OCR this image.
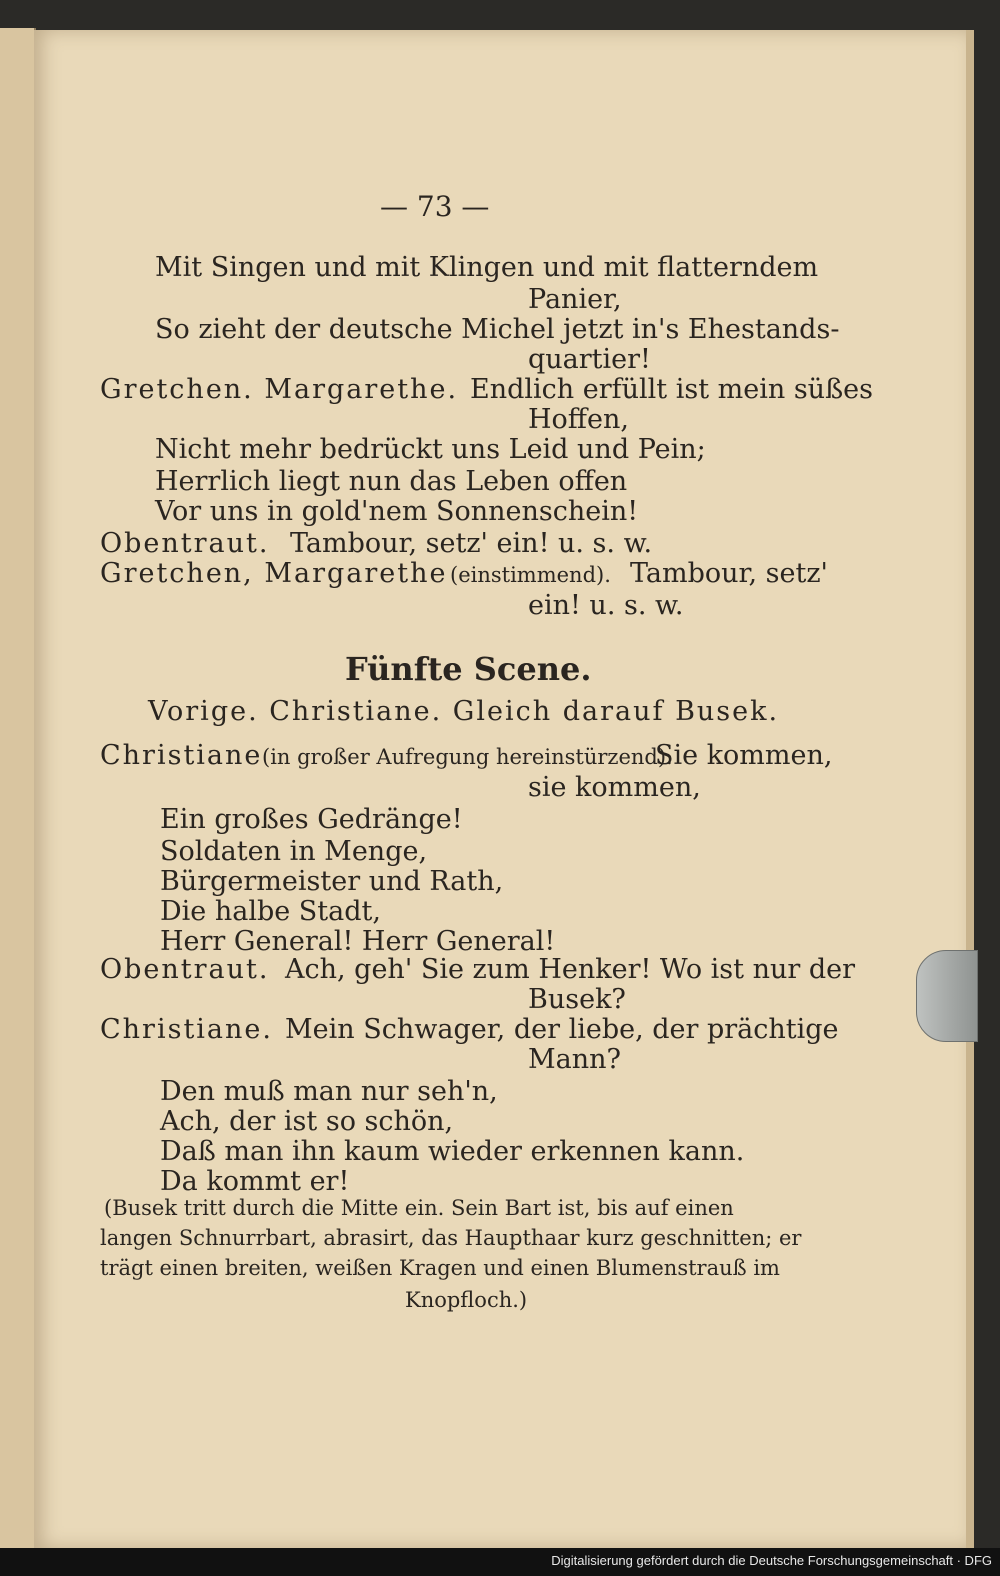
— 73 —
Mit Singen und mit Klingen und mit flatterndem
Panier,
So zieht der deutsche Michel jetzt in's Ehestands-
quartier!
Gretchen. Margarethe. Endlich erfüllt ist mein süßes
Hoffen,
Nicht mehr bedrückt uns Leid und Pein;
Herrlich liegt nun das Leben offen
Vor uns in gold'nem Sonnenschein!
Obentraut. Tambour, setz' ein! u. s. w.
Gretchen, Margarethe (einstimmend). Tambour, setz'
ein! u. s. w.
Fünfte Scene.
Vorige. Christiane. Gleich darauf Busek.
Christiane (in großer Aufregung hereinstürzend).
Sie kommen,
sie kommen,
Ein großes Gedränge!
Soldaten in Menge,
Bürgermeister und Rath,
Die halbe Stadt,
Herr General! Herr General!
Obentraut. Ach, geh' Sie zum Henker! Wo ist nur der
Busek?
Christiane. Mein Schwager, der liebe, der prächtige
Mann?
Den muß man nur seh'n,
Ach, der ist so schön,
Daß man ihn kaum wieder erkennen kann.
Da kommt er!
(Busek tritt durch die Mitte ein. Sein Bart ist, bis auf einen
langen Schnurrbart, abrasirt, das Haupthaar kurz geschnitten; er
trägt einen breiten, weißen Kragen und einen Blumenstrauß im
Knopfloch.)
Digitalisierung gefördert durch die Deutsche Forschungsgemeinschaft · DFG
